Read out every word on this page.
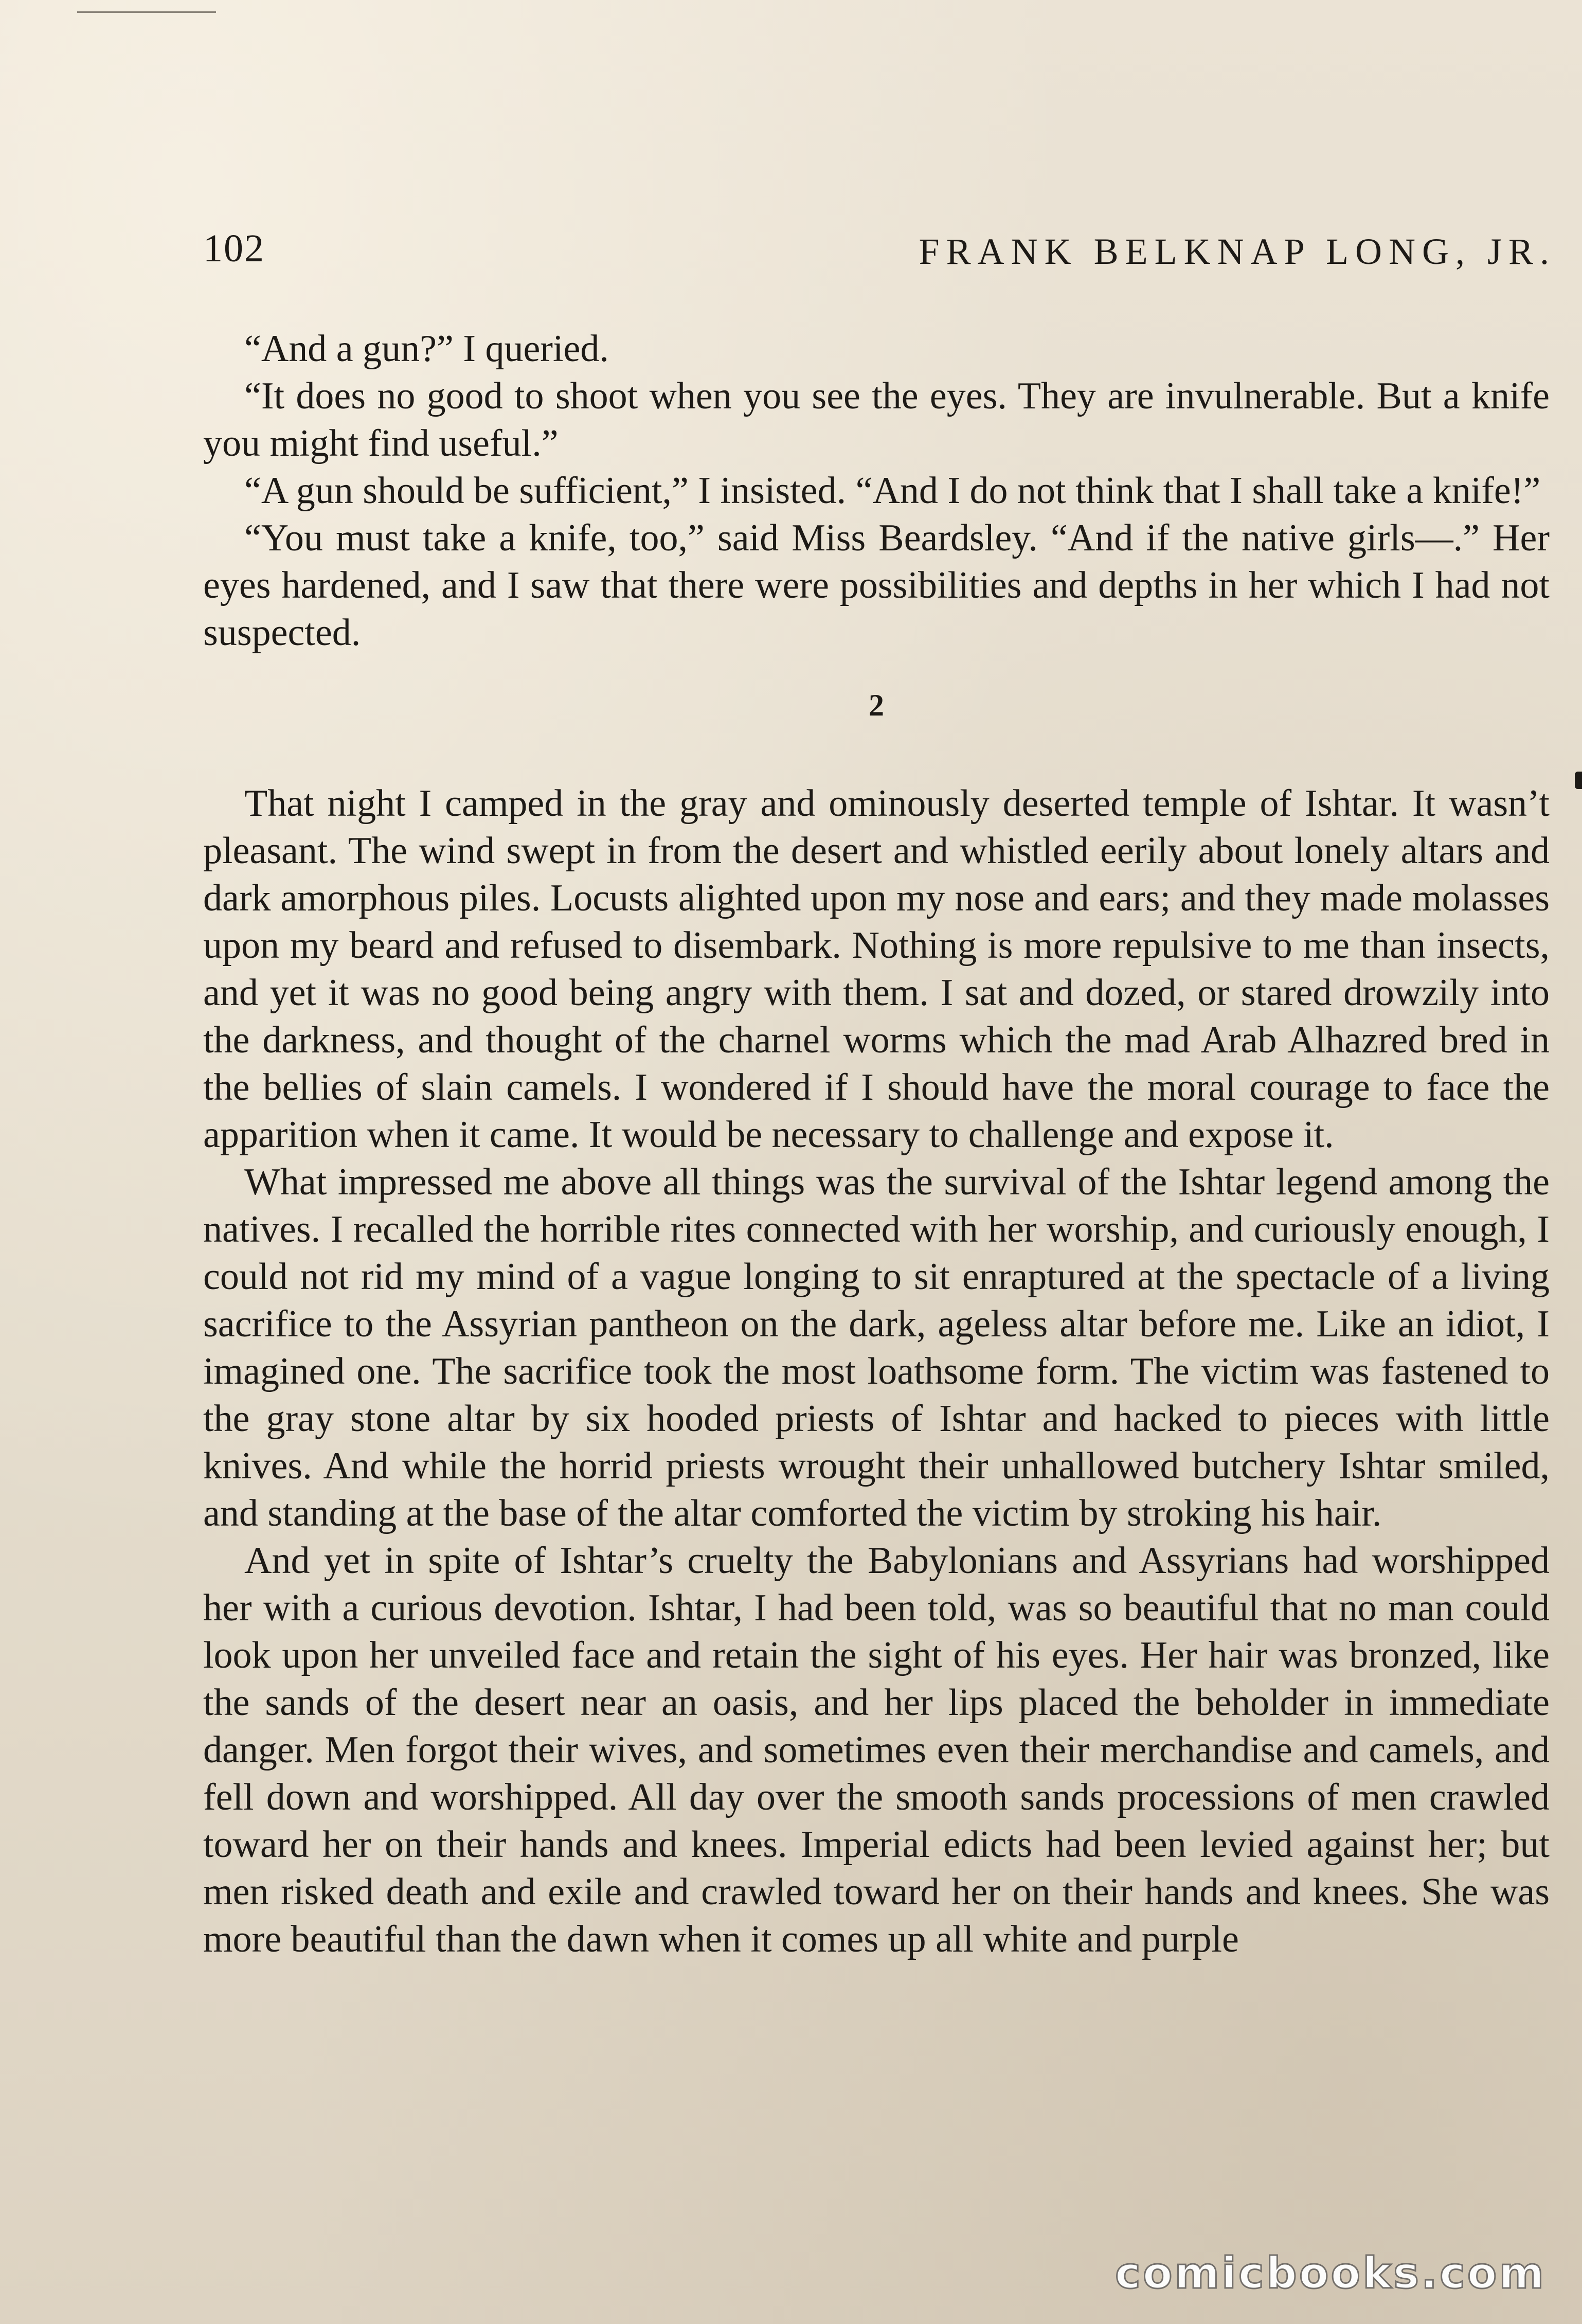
102	FRANK BELKNAP LONG, JR.

“And a gun?” I queried.

“It does no good to shoot when you see the eyes. They are invulnerable. But a knife you might find useful.”

“A gun should be sufficient,” I insisted. “And I do not think that I shall take a knife!”

“You must take a knife, too,” said Miss Beardsley. “And if the native girls—.” Her eyes hardened, and I saw that there were possibilities and depths in her which I had not suspected.

2

That night I camped in the gray and ominously deserted temple of Ishtar. It wasn’t pleasant. The wind swept in from the desert and whistled eerily about lonely altars and dark amorphous piles. Locusts alighted upon my nose and ears; and they made molasses upon my beard and refused to disembark. Nothing is more repulsive to me than insects, and yet it was no good being angry with them. I sat and dozed, or stared drowzily into the darkness, and thought of the charnel worms which the mad Arab Alhazred bred in the bellies of slain camels. I wondered if I should have the moral courage to face the apparition when it came. It would be necessary to challenge and expose it.

What impressed me above all things was the survival of the Ishtar legend among the natives. I recalled the horrible rites connected with her worship, and curiously enough, I could not rid my mind of a vague longing to sit enraptured at the spectacle of a living sacrifice to the Assyrian pantheon on the dark, ageless altar before me. Like an idiot, I imagined one. The sacrifice took the most loathsome form. The victim was fastened to the gray stone altar by six hooded priests of Ishtar and hacked to pieces with little knives. And while the horrid priests wrought their unhallowed butchery Ishtar smiled, and standing at the base of the altar comforted the victim by stroking his hair.

And yet in spite of Ishtar’s cruelty the Babylonians and Assyrians had worshipped her with a curious devotion. Ishtar, I had been told, was so beautiful that no man could look upon her unveiled face and retain the sight of his eyes. Her hair was bronzed, like the sands of the desert near an oasis, and her lips placed the beholder in immediate danger. Men forgot their wives, and sometimes even their merchandise and camels, and fell down and worshipped. All day over the smooth sands processions of men crawled toward her on their hands and knees. Imperial edicts had been levied against her; but men risked death and exile and crawled toward her on their hands and knees. She was more beautiful than the dawn when it comes up all white and purple

comicbooks.com
